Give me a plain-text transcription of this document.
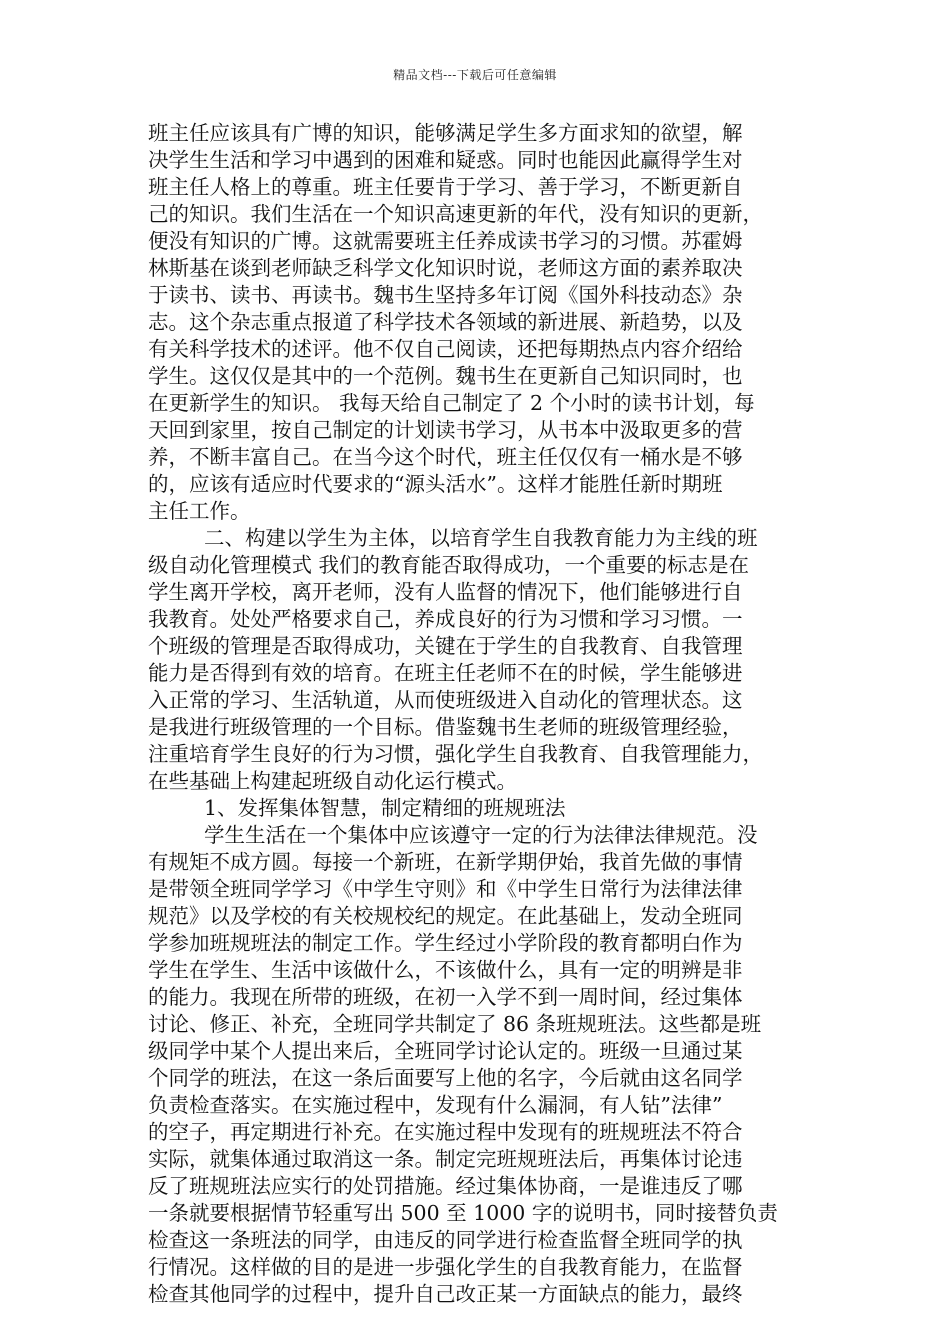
精品文档---下载后可任意编辑
班主任应该具有广博的知识，能够满足学生多方面求知的欲望，解
决学生生活和学习中遇到的困难和疑惑。同时也能因此赢得学生对
班主任人格上的尊重。班主任要肯于学习、善于学习，不断更新自
己的知识。我们生活在一个知识高速更新的年代，没有知识的更新，
便没有知识的广博。这就需要班主任养成读书学习的习惯。苏霍姆
林斯基在谈到老师缺乏科学文化知识时说，老师这方面的素养取决
于读书、读书、再读书。魏书生坚持多年订阅《国外科技动态》杂
志。这个杂志重点报道了科学技术各领域的新进展、新趋势，以及
有关科学技术的述评。他不仅自己阅读，还把每期热点内容介绍给
学生。这仅仅是其中的一个范例。魏书生在更新自己知识同时，也
在更新学生的知识。 我每天给自己制定了 2 个小时的读书计划，每
天回到家里，按自己制定的计划读书学习，从书本中汲取更多的营
养，不断丰富自己。在当今这个时代，班主任仅仅有一桶水是不够
的，应该有适应时代要求的“源头活水”。这样才能胜任新时期班
主任工作。
二、构建以学生为主体，以培育学生自我教育能力为主线的班
级自动化管理模式 我们的教育能否取得成功，一个重要的标志是在
学生离开学校，离开老师，没有人监督的情况下，他们能够进行自
我教育。处处严格要求自己，养成良好的行为习惯和学习习惯。一
个班级的管理是否取得成功，关键在于学生的自我教育、自我管理
能力是否得到有效的培育。在班主任老师不在的时候，学生能够进
入正常的学习、生活轨道，从而使班级进入自动化的管理状态。这
是我进行班级管理的一个目标。借鉴魏书生老师的班级管理经验，
注重培育学生良好的行为习惯，强化学生自我教育、自我管理能力，
在些基础上构建起班级自动化运行模式。
1、发挥集体智慧，制定精细的班规班法
学生生活在一个集体中应该遵守一定的行为法律法律规范。没
有规矩不成方圆。每接一个新班，在新学期伊始，我首先做的事情
是带领全班同学学习《中学生守则》和《中学生日常行为法律法律
规范》以及学校的有关校规校纪的规定。在此基础上，发动全班同
学参加班规班法的制定工作。学生经过小学阶段的教育都明白作为
学生在学生、生活中该做什么，不该做什么，具有一定的明辨是非
的能力。我现在所带的班级，在初一入学不到一周时间，经过集体
讨论、修正、补充，全班同学共制定了 86 条班规班法。这些都是班
级同学中某个人提出来后，全班同学讨论认定的。班级一旦通过某
个同学的班法，在这一条后面要写上他的名字，今后就由这名同学
负责检查落实。在实施过程中，发现有什么漏洞，有人钻”法律”
的空子，再定期进行补充。在实施过程中发现有的班规班法不符合
实际，就集体通过取消这一条。制定完班规班法后，再集体讨论违
反了班规班法应实行的处罚措施。经过集体协商，一是谁违反了哪
一条就要根据情节轻重写出 500 至 1000 字的说明书，同时接替负责
检查这一条班法的同学，由违反的同学进行检查监督全班同学的执
行情况。这样做的目的是进一步强化学生的自我教育能力，在监督
检查其他同学的过程中，提升自己改正某一方面缺点的能力，最终
